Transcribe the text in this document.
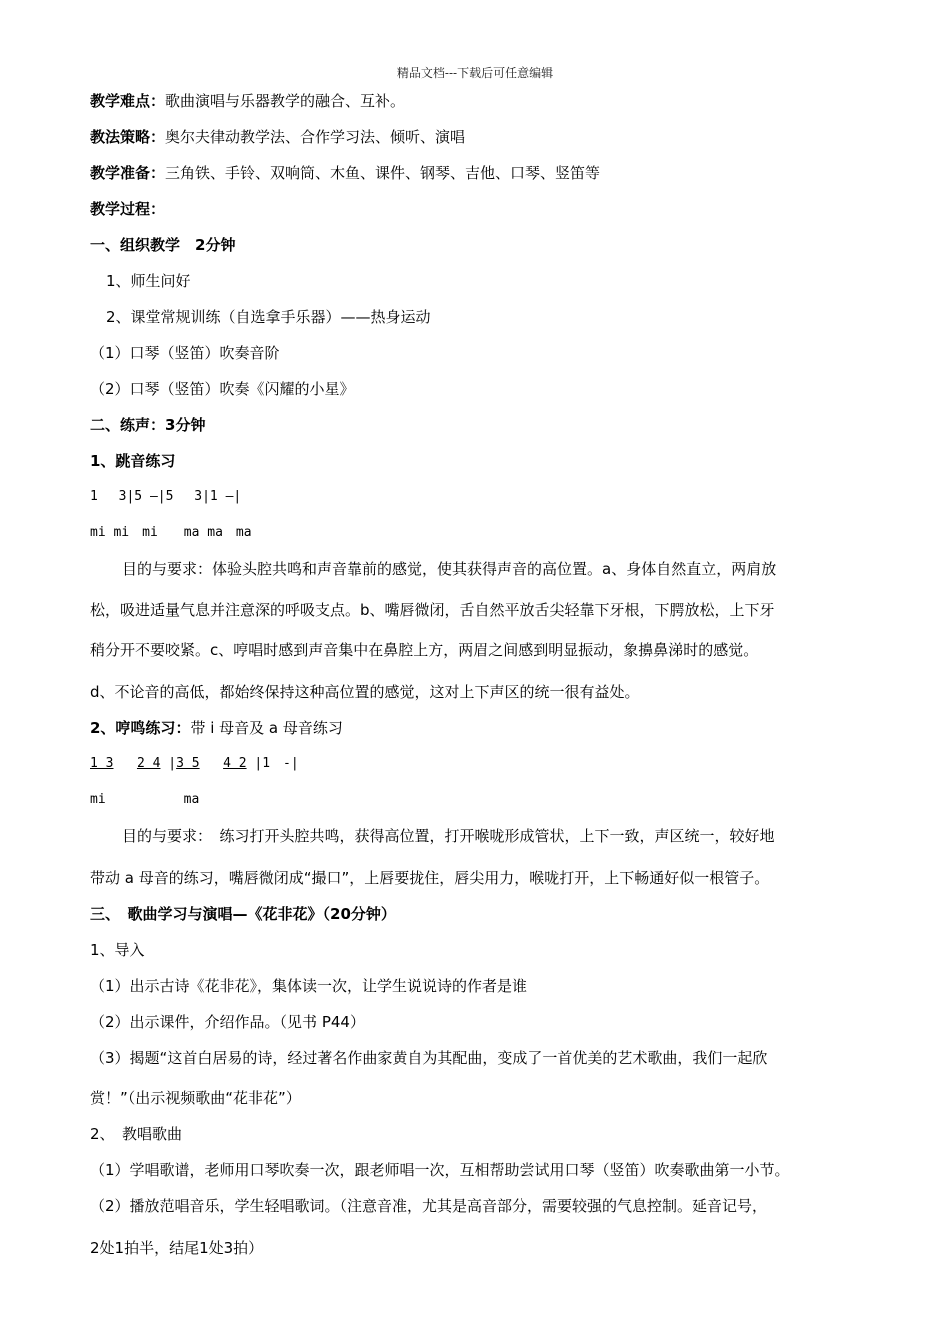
精品文档---下载后可任意编辑
教学难点：歌曲演唱与乐器教学的融合、互补。
教法策略：奥尔夫律动教学法、合作学习法、倾听、演唱
教学准备：三角铁、手铃、双响筒、木鱼、课件、钢琴、吉他、口琴、竖笛等
教学过程：
一、组织教学　2分钟
1、师生问好
2、课堂常规训练（自选拿手乐器）——热身运动
（1）口琴（竖笛）吹奏音阶
（2）口琴（竖笛）吹奏《闪耀的小星》
二、练声：3分钟
1、跳音练习
1　 3|5 —|5　 3|1 —|
mi mi　mi　　ma ma　ma
目的与要求：体验头腔共鸣和声音靠前的感觉，使其获得声音的高位置。a、身体自然直立，两肩放
松，吸进适量气息并注意深的呼吸支点。b、嘴唇微闭，舌自然平放舌尖轻靠下牙根，下腭放松，上下牙
稍分开不要咬紧。c、哼唱时感到声音集中在鼻腔上方，两眉之间感到明显振动，象擤鼻涕时的感觉。
d、不论音的高低，都始终保持这种高位置的感觉，这对上下声区的统一很有益处。
2、哼鸣练习：带 i 母音及 a 母音练习
1 3 2 4 |3 5 4 2 |1　-|
mi　　　　　　ma
目的与要求：　练习打开头腔共鸣，获得高位置，打开喉咙形成管状，上下一致，声区统一，较好地
带动 a 母音的练习，嘴唇微闭成“撮口”，上唇要拢住，唇尖用力，喉咙打开，上下畅通好似一根管子。
三、　歌曲学习与演唱—《花非花》（20分钟）
1、导入
（1）出示古诗《花非花》，集体读一次，让学生说说诗的作者是谁
（2）出示课件，介绍作品。（见书 P44）
（3）揭题“这首白居易的诗，经过著名作曲家黄自为其配曲，变成了一首优美的艺术歌曲，我们一起欣
赏！”（出示视频歌曲“花非花”）
2、　教唱歌曲
（1）学唱歌谱，老师用口琴吹奏一次，跟老师唱一次，互相帮助尝试用口琴（竖笛）吹奏歌曲第一小节。
（2）播放范唱音乐，学生轻唱歌词。（注意音准，尤其是高音部分，需要较强的气息控制。延音记号，
2处1拍半，结尾1处3拍）
